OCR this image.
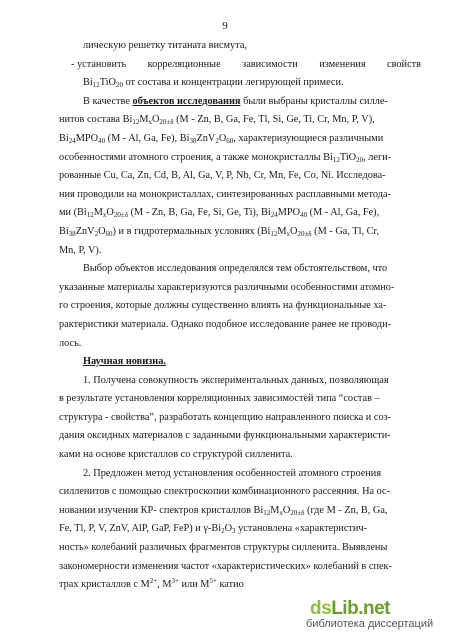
9
лическую решетку титаната висмута,
- установить корреляционные зависимости изменения свойств
$Bi_{12}TiO_{20}$ от состава и концентрации легирующей примеси.
В качестве объектов исследования были выбраны кристаллы силле-
нитов состава $Bi_{12}M_xO_{20\pm\delta}$ (M - Zn, B, Ga, Fe, Tl, Si, Ge, Ti, Cr, Mn, P, V),
$Bi_{24}MPO_{40}$ (M - Al, Ga, Fe), $Bi_{38}ZnV_2O_{60}$, характеризующиеся различными
особенностями атомного строения, а также монокристаллы $Bi_{12}TiO_{20}$, леги-
рованные Cu, Ca, Zn, Cd, B, Al, Ga, V, P, Nb, Cr, Mn, Fe, Co, Ni. Исследова-
ния проводили на монокристаллах, синтезированных расплавными метода-
ми ($Bi_{12}M_xO_{20\pm\delta}$ (M - Zn, B, Ga, Fe, Si, Ge, Ti), $Bi_{24}MPO_{40}$ (M - Al, Ga, Fe),
$Bi_{38}ZnV_2O_{60}$) и в гидротермальных условиях ($Bi_{12}M_xO_{20\pm\delta}$ (M - Ga, Tl, Cr,
Mn, P, V).
Выбор объектов исследования определялся тем обстоятельством, что
указанные материалы характеризуются различными особенностями атомно-
го строения, которые должны существенно влиять на функциональные ха-
рактеристики материала. Однако подобное исследование ранее не проводи-
лось.
Научная новизна.
1. Получена совокупность экспериментальных данных, позволяющая
в результате установления корреляционных зависимостей типа “состав –
структура - свойства”, разработать концепцию направленного поиска и соз-
дания оксидных материалов с заданными функциональными характеристи-
ками на основе кристаллов со структурой силленита.
2. Предложен метод установления особенностей атомного строения
силленитов с помощью спектроскопии комбинационного рассеяния. На ос-
новании изучения КР- спектров кристаллов $Bi_{12}M_xO_{20\pm\delta}$ (где M - Zn, B, Ga,
Fe, Tl, P, V, ZnV, AlP, GaP, FeP) и $\gamma-Bi_2O_3$ установлена «характеристич-
ность» колебаний различных фрагментов структуры силленита. Выявлены
закономерности изменения частот «характеристических» колебаний в спек-
трах кристаллов с $M^{2+}$, $M^{3+}$ или $M^{5+}$ катио
dsLib.net
библиотека диссертаций
